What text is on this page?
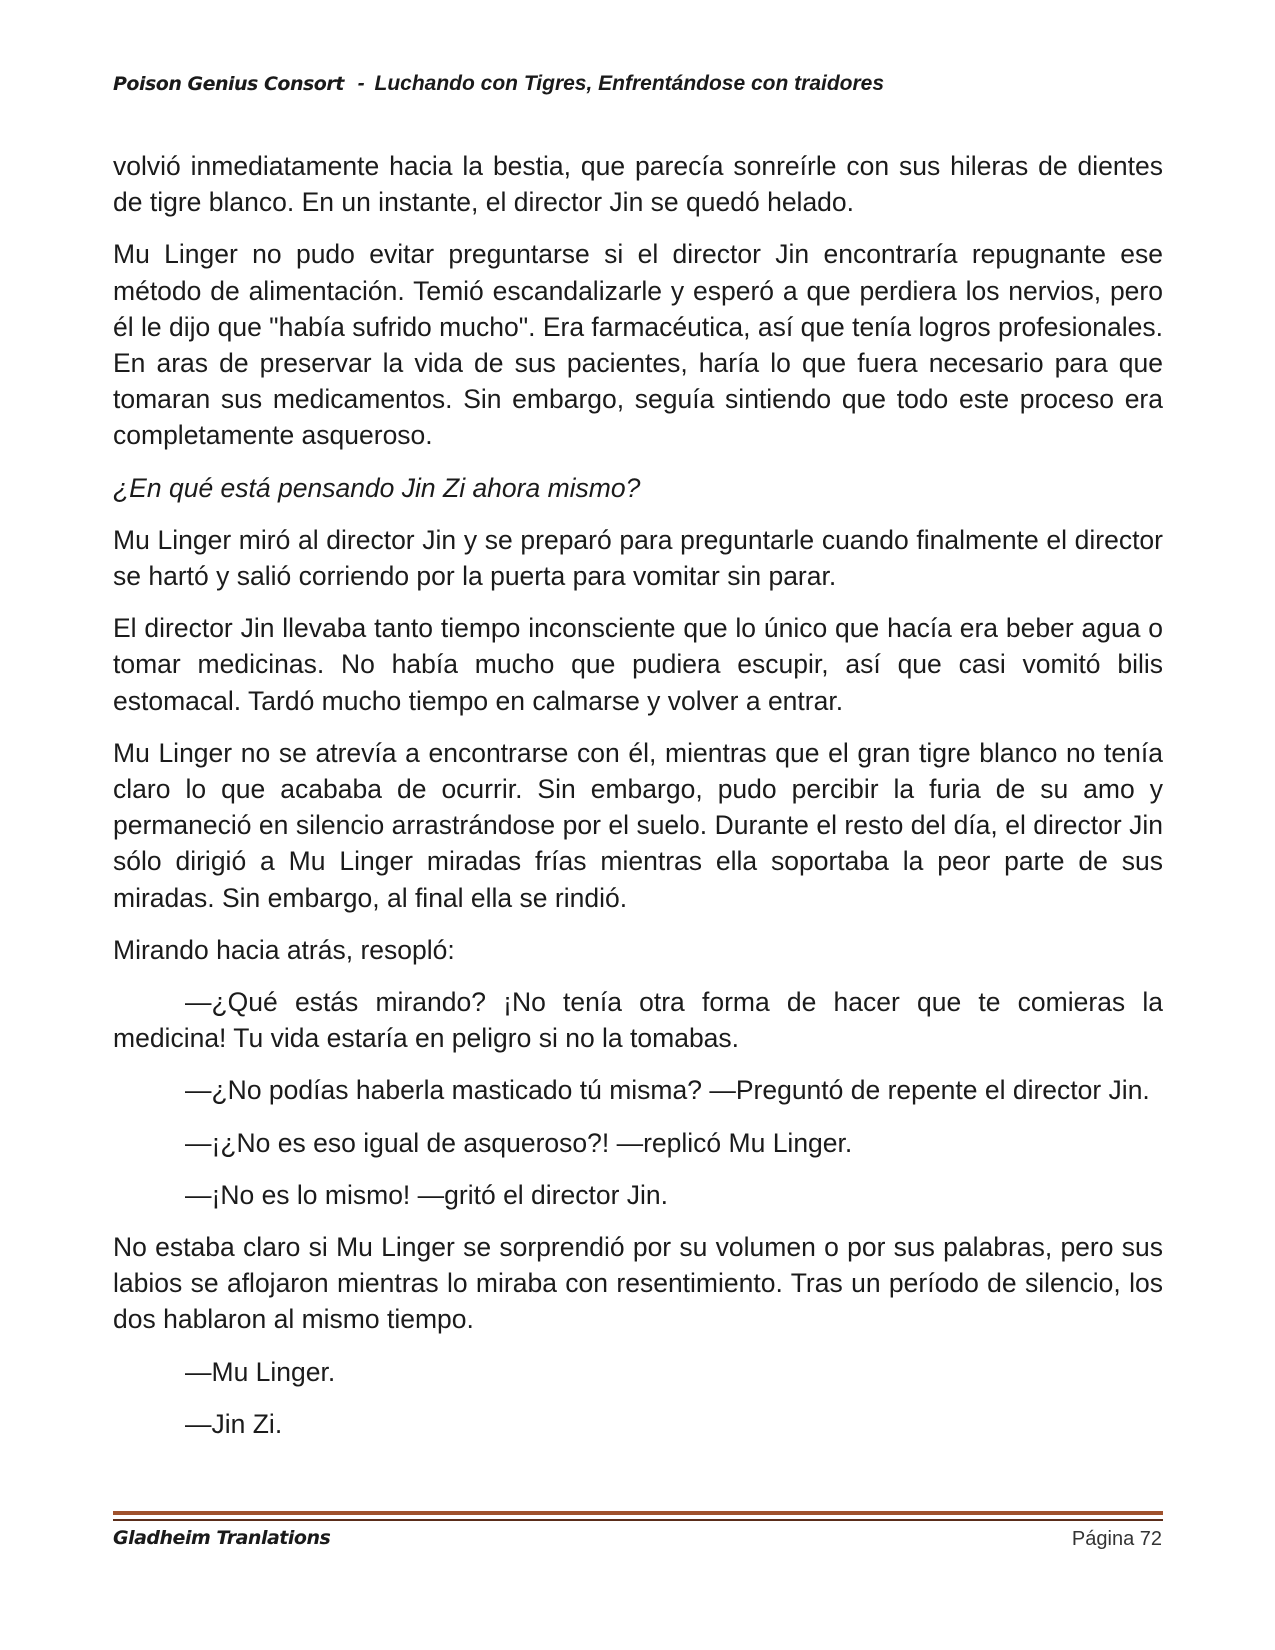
Poison Genius Consort - Luchando con Tigres, Enfrentándose con traidores

volvió inmediatamente hacia la bestia, que parecía sonreírle con sus hileras de dientes de tigre blanco. En un instante, el director Jin se quedó helado.

Mu Linger no pudo evitar preguntarse si el director Jin encontraría repugnante ese método de alimentación. Temió escandalizarle y esperó a que perdiera los nervios, pero él le dijo que "había sufrido mucho". Era farmacéutica, así que tenía logros profesionales. En aras de preservar la vida de sus pacientes, haría lo que fuera necesario para que tomaran sus medicamentos. Sin embargo, seguía sintiendo que todo este proceso era completamente asqueroso.

¿En qué está pensando Jin Zi ahora mismo?

Mu Linger miró al director Jin y se preparó para preguntarle cuando finalmente el director se hartó y salió corriendo por la puerta para vomitar sin parar.

El director Jin llevaba tanto tiempo inconsciente que lo único que hacía era beber agua o tomar medicinas. No había mucho que pudiera escupir, así que casi vomitó bilis estomacal. Tardó mucho tiempo en calmarse y volver a entrar.

Mu Linger no se atrevía a encontrarse con él, mientras que el gran tigre blanco no tenía claro lo que acababa de ocurrir. Sin embargo, pudo percibir la furia de su amo y permaneció en silencio arrastrándose por el suelo. Durante el resto del día, el director Jin sólo dirigió a Mu Linger miradas frías mientras ella soportaba la peor parte de sus miradas. Sin embargo, al final ella se rindió.

Mirando hacia atrás, resopló:

—¿Qué estás mirando? ¡No tenía otra forma de hacer que te comieras la medicina! Tu vida estaría en peligro si no la tomabas.

—¿No podías haberla masticado tú misma? —Preguntó de repente el director Jin.

—¡¿No es eso igual de asqueroso?! —replicó Mu Linger.

—¡No es lo mismo! —gritó el director Jin.

No estaba claro si Mu Linger se sorprendió por su volumen o por sus palabras, pero sus labios se aflojaron mientras lo miraba con resentimiento. Tras un período de silencio, los dos hablaron al mismo tiempo.

—Mu Linger.

—Jin Zi.

Gladheim Tranlations	Página 72
